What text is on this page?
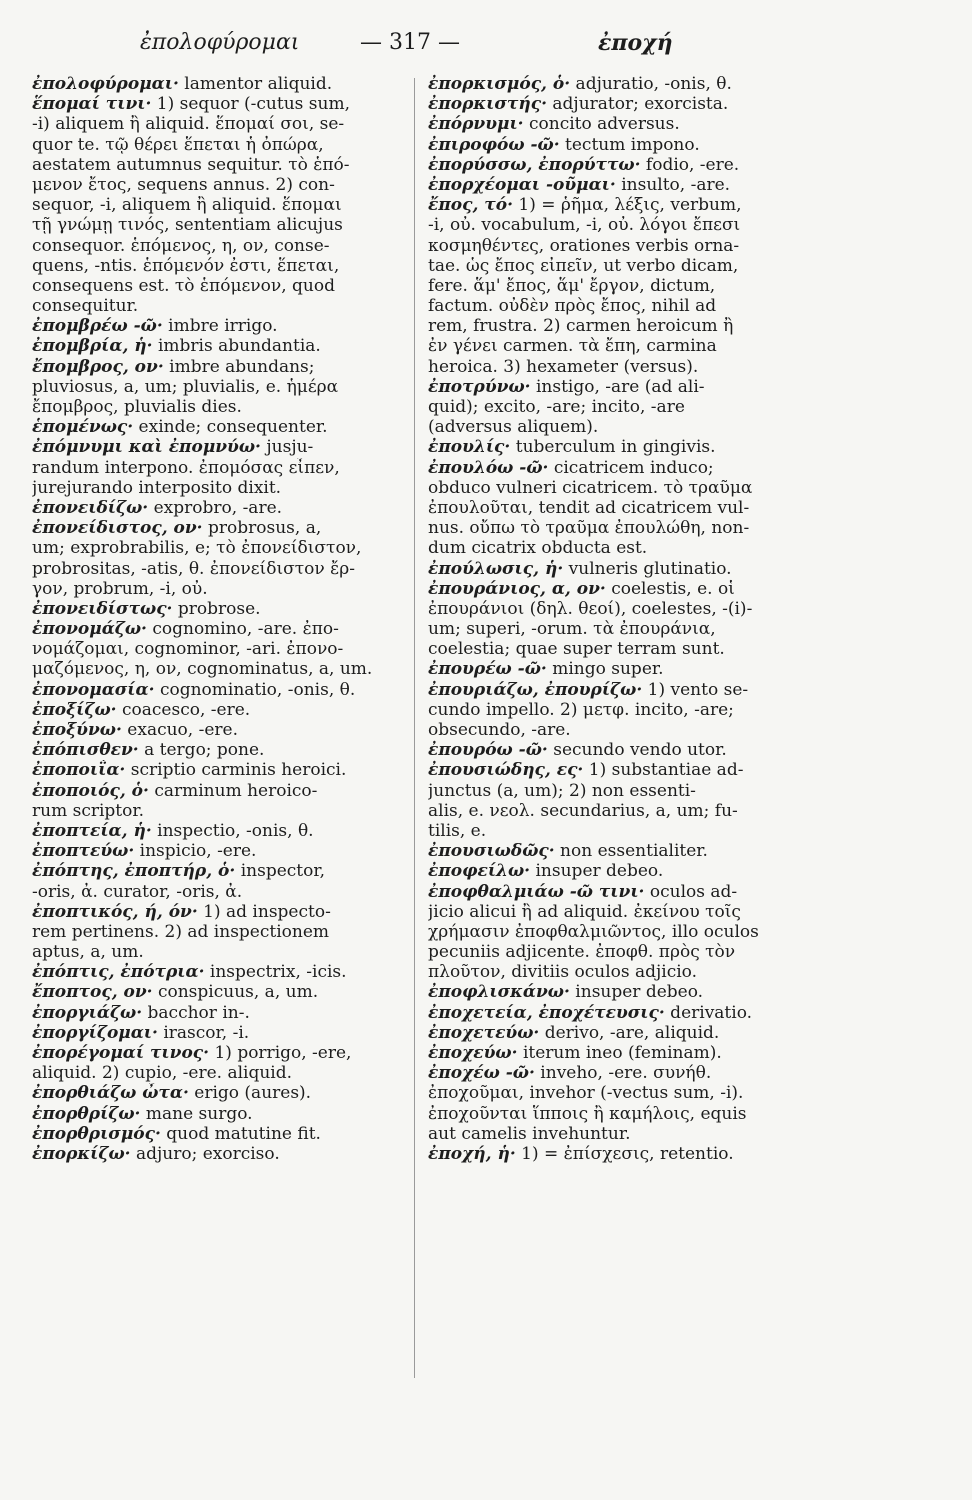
ἐπολοφύρομαι	— 317 —	ἐποχή
ἐπολοφύρομαι· lamentor aliquid.
ἕπομαί τινι· 1) sequor (-cutus sum,
-i) aliquem ἢ aliquid. ἕπομαί σοι, se-
quor te. τῷ θέρει ἕπεται ἡ ὀπώρα,
aestatem autumnus sequitur. τὸ ἑπό-
μενον ἔτος, sequens annus. 2) con-
sequor, -i, aliquem ἢ aliquid. ἕπομαι
τῇ γνώμῃ τινός, sententiam alicujus
consequor. ἑπόμενος, η, ον, conse-
quens, -ntis. ἑπόμενόν ἐστι, ἕπεται,
consequens est. τὸ ἑπόμενον, quod
consequitur.
ἐπομβρέω -ῶ· imbre irrigo.
ἐπομβρία, ἡ· imbris abundantia.
ἔπομβρος, ον· imbre abundans;
pluviosus, a, um; pluvialis, e. ἡμέρα
ἔπομβρος, pluvialis dies.
ἑπομένως· exinde; consequenter.
ἐπόμνυμι καὶ ἐπομνύω· jusju-
randum interpono. ἐπομόσας εἶπεν,
jurejurando interposito dixit.
ἐπονειδίζω· exprobro, -are.
ἐπονείδιστος, ον· probrosus, a,
um; exprobrabilis, e; τὸ ἐπονείδιστον,
probrositas, -atis, θ. ἐπονείδιστον ἔρ-
γον, probrum, -i, οὐ.
ἐπονειδίστως· probrose.
ἐπονομάζω· cognomino, -are. ἐπο-
νομάζομαι, cognominor, -ari. ἐπονο-
μαζόμενος, η, ον, cognominatus, a, um.
ἐπονομασία· cognominatio, -onis, θ.
ἐποξίζω· coacesco, -ere.
ἐποξύνω· exacuo, -ere.
ἐπόπισθεν· a tergo; pone.
ἐποποιΐα· scriptio carminis heroici.
ἐποποιός, ὁ· carminum heroico-
rum scriptor.
ἐποπτεία, ἡ· inspectio, -onis, θ.
ἐποπτεύω· inspicio, -ere.
ἐπόπτης, ἐποπτήρ, ὁ· inspector,
-oris, ἀ. curator, -oris, ἀ.
ἐποπτικός, ή, όν· 1) ad inspecto-
rem pertinens. 2) ad inspectionem
aptus, a, um.
ἐπόπτις, ἐπότρια· inspectrix, -icis.
ἔποπτος, ον· conspicuus, a, um.
ἐποργιάζω· bacchor in-.
ἐποργίζομαι· irascor, -i.
ἐπορέγομαί τινος· 1) porrigo, -ere,
aliquid. 2) cupio, -ere. aliquid.
ἐπορθιάζω ὦτα· erigo (aures).
ἐπορθρίζω· mane surgo.
ἐπορθρισμός· quod matutine fit.
ἐπορκίζω· adjuro; exorciso.
ἐπορκισμός, ὁ· adjuratio, -onis, θ.
ἐπορκιστής· adjurator; exorcista.
ἐπόρνυμι· concito adversus.
ἐπιροφόω -ῶ· tectum impono.
ἐπορύσσω, ἐπορύττω· fodio, -ere.
ἐπορχέομαι -οῦμαι· insulto, -are.
ἔπος, τό· 1) = ῥῆμα, λέξις, verbum,
-i, οὐ. vocabulum, -i, οὐ. λόγοι ἔπεσι
κοσμηθέντες, orationes verbis orna-
tae. ὡς ἔπος εἰπεῖν, ut verbo dicam,
fere. ἅμ' ἔπος, ἅμ' ἔργον, dictum,
factum. οὐδὲν πρὸς ἔπος, nihil ad
rem, frustra. 2) carmen heroicum ἢ
ἐν γένει carmen. τὰ ἔπη, carmina
heroica. 3) hexameter (versus).
ἐποτρύνω· instigo, -are (ad ali-
quid); excito, -are; incito, -are
(adversus aliquem).
ἐπουλίς· tuberculum in gingivis.
ἐπουλόω -ῶ· cicatricem induco;
obduco vulneri cicatricem. τὸ τραῦμα
ἐπουλοῦται, tendit ad cicatricem vul-
nus. οὔπω τὸ τραῦμα ἐπουλώθη, non-
dum cicatrix obducta est.
ἐπούλωσις, ἡ· vulneris glutinatio.
ἐπουράνιος, α, ον· coelestis, e. οἱ
ἐπουράνιοι (δηλ. θεοί), coelestes, -(i)-
um; superi, -orum. τὰ ἐπουράνια,
coelestia; quae super terram sunt.
ἐπουρέω -ῶ· mingo super.
ἐπουριάζω, ἐπουρίζω· 1) vento se-
cundo impello. 2) μετφ. incito, -are;
obsecundo, -are.
ἐπουρόω -ῶ· secundo vendo utor.
ἐπουσιώδης, ες· 1) substantiae ad-
junctus (a, um); 2) non essenti-
alis, e. νεολ. secundarius, a, um; fu-
tilis, e.
ἐπουσιωδῶς· non essentialiter.
ἐποφείλω· insuper debeo.
ἐποφθαλμιάω -ῶ τινι· oculos ad-
jicio alicui ἢ ad aliquid. ἐκείνου τοῖς
χρήμασιν ἐποφθαλμιῶντος, illo oculos
pecuniis adjicente. ἐποφθ. πρὸς τὸν
πλοῦτον, divitiis oculos adjicio.
ἐποφλισκάνω· insuper debeo.
ἐποχετεία, ἐποχέτευσις· derivatio.
ἐποχετεύω· derivo, -are, aliquid.
ἐποχεύω· iterum ineo (feminam).
ἐποχέω -ῶ· inveho, -ere. συνήθ.
ἐποχοῦμαι, invehor (-vectus sum, -i).
ἐποχοῦνται ἵπποις ἢ καμήλοις, equis
aut camelis invehuntur.
ἐποχή, ἡ· 1) = ἐπίσχεσις, retentio.
